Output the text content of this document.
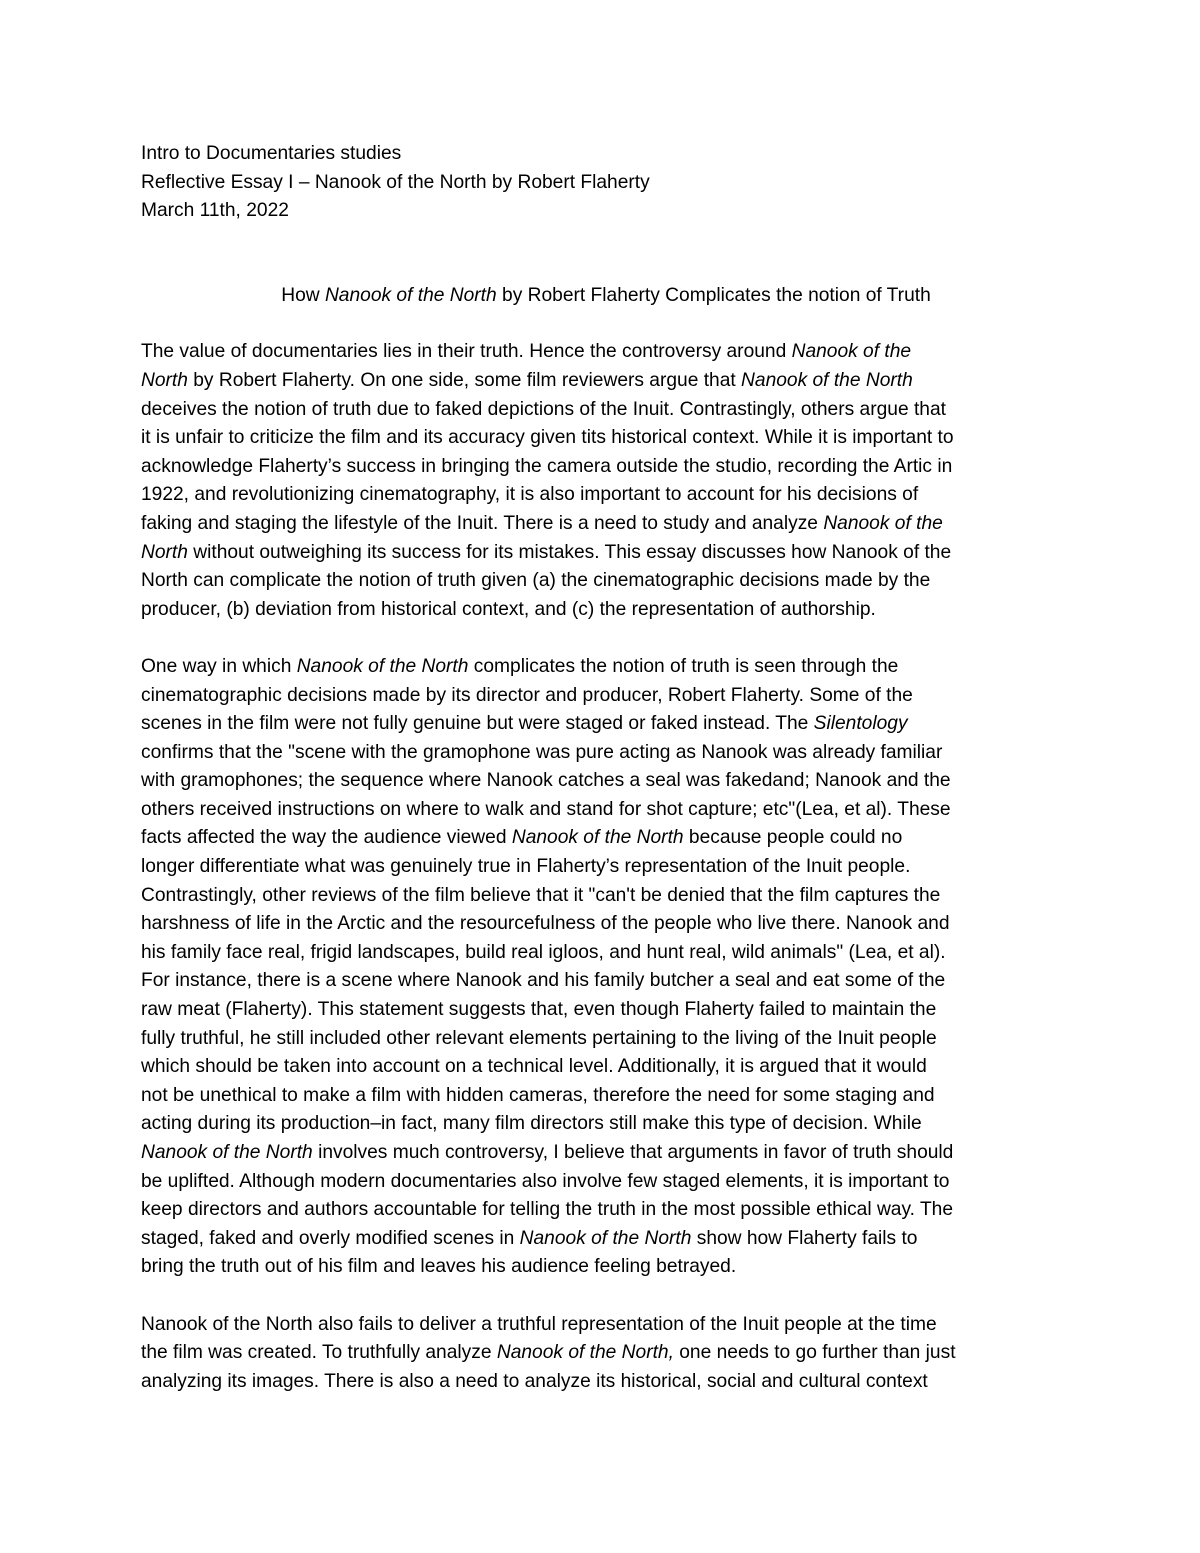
Intro to Documentaries studies
Reflective Essay I – Nanook of the North by Robert Flaherty
March 11th, 2022
How Nanook of the North by Robert Flaherty Complicates the notion of Truth

The value of documentaries lies in their truth. Hence the controversy around Nanook of the
North by Robert Flaherty. On one side, some film reviewers argue that Nanook of the North
deceives the notion of truth due to faked depictions of the Inuit. Contrastingly, others argue that
it is unfair to criticize the film and its accuracy given tits historical context. While it is important to
acknowledge Flaherty’s success in bringing the camera outside the studio, recording the Artic in
1922, and revolutionizing cinematography, it is also important to account for his decisions of
faking and staging the lifestyle of the Inuit. There is a need to study and analyze Nanook of the
North without outweighing its success for its mistakes. This essay discusses how Nanook of the
North can complicate the notion of truth given (a) the cinematographic decisions made by the
producer, (b) deviation from historical context, and (c) the representation of authorship.

One way in which Nanook of the North complicates the notion of truth is seen through the
cinematographic decisions made by its director and producer, Robert Flaherty. Some of the
scenes in the film were not fully genuine but were staged or faked instead. The Silentology
confirms that the "scene with the gramophone was pure acting as Nanook was already familiar
with gramophones; the sequence where Nanook catches a seal was fakedand; Nanook and the
others received instructions on where to walk and stand for shot capture; etc"(Lea, et al). These
facts affected the way the audience viewed Nanook of the North because people could no
longer differentiate what was genuinely true in Flaherty’s representation of the Inuit people.
Contrastingly, other reviews of the film believe that it "can't be denied that the film captures the
harshness of life in the Arctic and the resourcefulness of the people who live there. Nanook and
his family face real, frigid landscapes, build real igloos, and hunt real, wild animals" (Lea, et al).
For instance, there is a scene where Nanook and his family butcher a seal and eat some of the
raw meat (Flaherty). This statement suggests that, even though Flaherty failed to maintain the
fully truthful, he still included other relevant elements pertaining to the living of the Inuit people
which should be taken into account on a technical level. Additionally, it is argued that it would
not be unethical to make a film with hidden cameras, therefore the need for some staging and
acting during its production–in fact, many film directors still make this type of decision. While
Nanook of the North involves much controversy, I believe that arguments in favor of truth should
be uplifted. Although modern documentaries also involve few staged elements, it is important to
keep directors and authors accountable for telling the truth in the most possible ethical way. The
staged, faked and overly modified scenes in Nanook of the North show how Flaherty fails to
bring the truth out of his film and leaves his audience feeling betrayed.

Nanook of the North also fails to deliver a truthful representation of the Inuit people at the time
the film was created. To truthfully analyze Nanook of the North, one needs to go further than just
analyzing its images. There is also a need to analyze its historical, social and cultural context
